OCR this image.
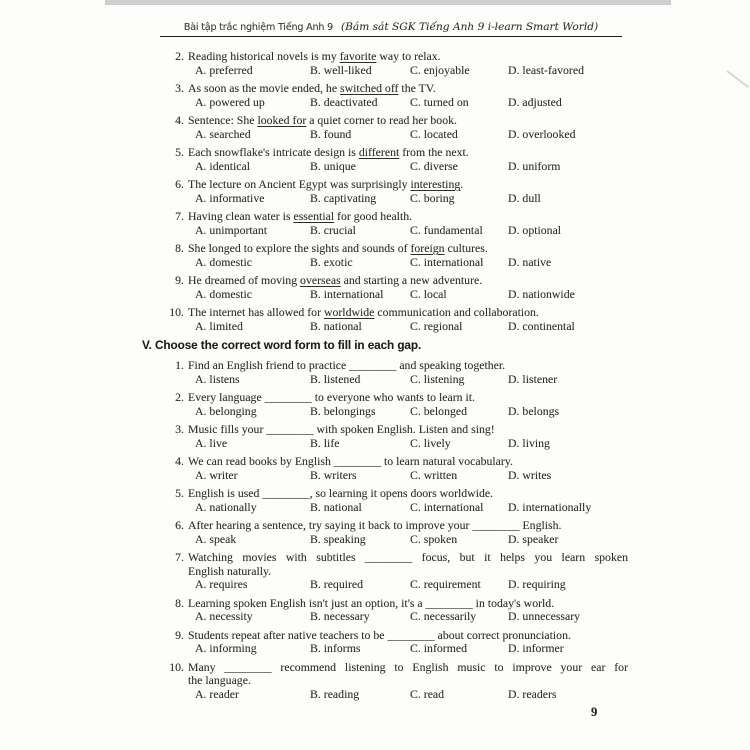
Bài tập trắc nghiệm Tiếng Anh 9 (Bám sát SGK Tiếng Anh 9 i-learn Smart World)
2. Reading historical novels is my favorite way to relax.
A. preferred	B. well-liked	C. enjoyable	D. least-favored
3. As soon as the movie ended, he switched off the TV.
A. powered up	B. deactivated	C. turned on	D. adjusted
4. Sentence: She looked for a quiet corner to read her book.
A. searched	B. found	C. located	D. overlooked
5. Each snowflake's intricate design is different from the next.
A. identical	B. unique	C. diverse	D. uniform
6. The lecture on Ancient Egypt was surprisingly interesting.
A. informative	B. captivating	C. boring	D. dull
7. Having clean water is essential for good health.
A. unimportant	B. crucial	C. fundamental	D. optional
8. She longed to explore the sights and sounds of foreign cultures.
A. domestic	B. exotic	C. international	D. native
9. He dreamed of moving overseas and starting a new adventure.
A. domestic	B. international	C. local	D. nationwide
10. The internet has allowed for worldwide communication and collaboration.
A. limited	B. national	C. regional	D. continental
V. Choose the correct word form to fill in each gap.
1. Find an English friend to practice ________ and speaking together.
A. listens	B. listened	C. listening	D. listener
2. Every language ________ to everyone who wants to learn it.
A. belonging	B. belongings	C. belonged	D. belongs
3. Music fills your ________ with spoken English. Listen and sing!
A. live	B. life	C. lively	D. living
4. We can read books by English ________ to learn natural vocabulary.
A. writer	B. writers	C. written	D. writes
5. English is used ________, so learning it opens doors worldwide.
A. nationally	B. national	C. international	D. internationally
6. After hearing a sentence, try saying it back to improve your ________ English.
A. speak	B. speaking	C. spoken	D. speaker
7. Watching movies with subtitles ________ focus, but it helps you learn spoken
English naturally.
A. requires	B. required	C. requirement	D. requiring
8. Learning spoken English isn't just an option, it's a ________ in today's world.
A. necessity	B. necessary	C. necessarily	D. unnecessary
9. Students repeat after native teachers to be ________ about correct pronunciation.
A. informing	B. informs	C. informed	D. informer
10. Many ________ recommend listening to English music to improve your ear for
the language.
A. reader	B. reading	C. read	D. readers
9
